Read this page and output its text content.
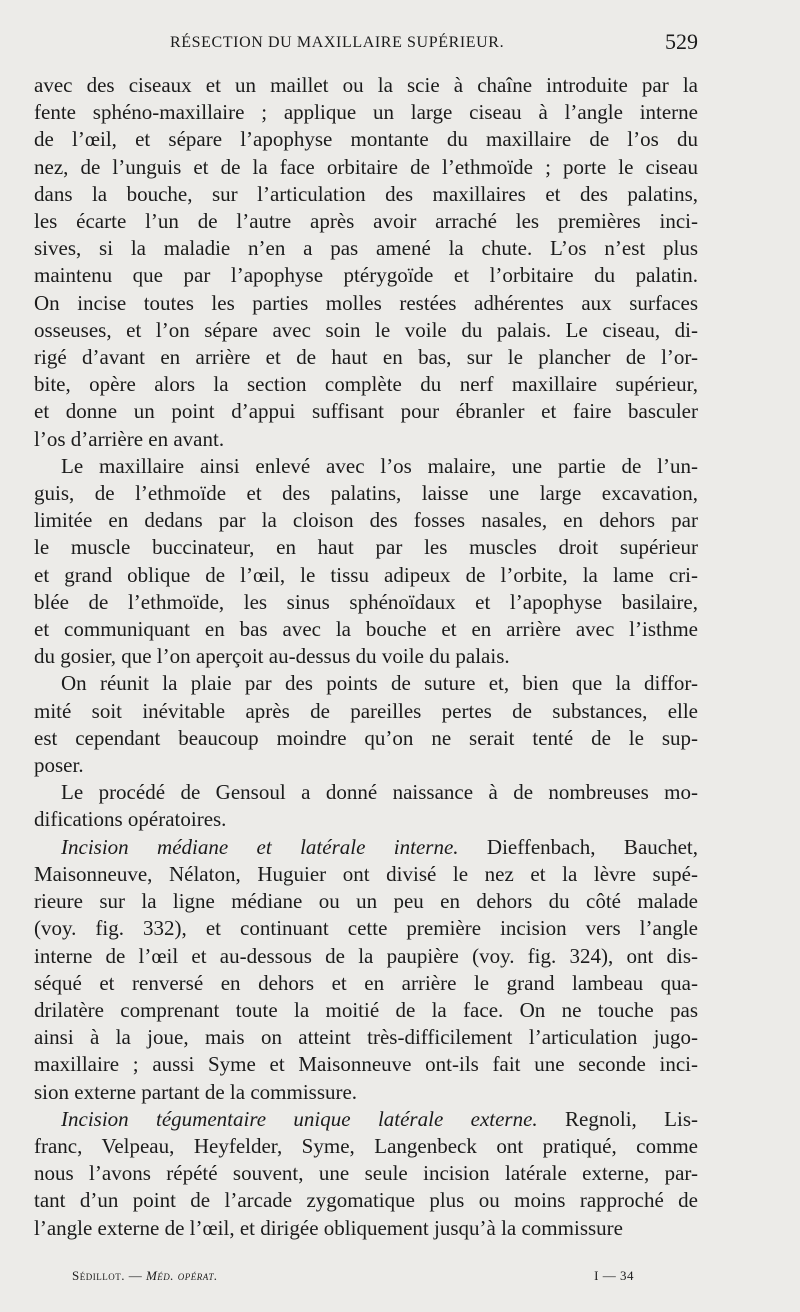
RÉSECTION DU MAXILLAIRE SUPÉRIEUR.	529
avec des ciseaux et un maillet ou la scie à chaîne introduite par la
fente sphéno-maxillaire ; applique un large ciseau à l’angle interne
de l’œil, et sépare l’apophyse montante du maxillaire de l’os du
nez, de l’unguis et de la face orbitaire de l’ethmoïde ; porte le ciseau
dans la bouche, sur l’articulation des maxillaires et des palatins,
les écarte l’un de l’autre après avoir arraché les premières inci-
sives, si la maladie n’en a pas amené la chute. L’os n’est plus
maintenu que par l’apophyse ptérygoïde et l’orbitaire du palatin.
On incise toutes les parties molles restées adhérentes aux surfaces
osseuses, et l’on sépare avec soin le voile du palais. Le ciseau, di-
rigé d’avant en arrière et de haut en bas, sur le plancher de l’or-
bite, opère alors la section complète du nerf maxillaire supérieur,
et donne un point d’appui suffisant pour ébranler et faire basculer
l’os d’arrière en avant.
Le maxillaire ainsi enlevé avec l’os malaire, une partie de l’un-
guis, de l’ethmoïde et des palatins, laisse une large excavation,
limitée en dedans par la cloison des fosses nasales, en dehors par
le muscle buccinateur, en haut par les muscles droit supérieur
et grand oblique de l’œil, le tissu adipeux de l’orbite, la lame cri-
blée de l’ethmoïde, les sinus sphénoïdaux et l’apophyse basilaire,
et communiquant en bas avec la bouche et en arrière avec l’isthme
du gosier, que l’on aperçoit au-dessus du voile du palais.
On réunit la plaie par des points de suture et, bien que la diffor-
mité soit inévitable après de pareilles pertes de substances, elle
est cependant beaucoup moindre qu’on ne serait tenté de le sup-
poser.
Le procédé de Gensoul a donné naissance à de nombreuses mo-
difications opératoires.
Incision médiane et latérale interne. Dieffenbach, Bauchet,
Maisonneuve, Nélaton, Huguier ont divisé le nez et la lèvre supé-
rieure sur la ligne médiane ou un peu en dehors du côté malade
(voy. fig. 332), et continuant cette première incision vers l’angle
interne de l’œil et au-dessous de la paupière (voy. fig. 324), ont dis-
séqué et renversé en dehors et en arrière le grand lambeau qua-
drilatère comprenant toute la moitié de la face. On ne touche pas
ainsi à la joue, mais on atteint très-difficilement l’articulation jugo-
maxillaire ; aussi Syme et Maisonneuve ont-ils fait une seconde inci-
sion externe partant de la commissure.
Incision tégumentaire unique latérale externe. Regnoli, Lis-
franc, Velpeau, Heyfelder, Syme, Langenbeck ont pratiqué, comme
nous l’avons répété souvent, une seule incision latérale externe, par-
tant d’un point de l’arcade zygomatique plus ou moins rapproché de
l’angle externe de l’œil, et dirigée obliquement jusqu’à la commissure
Sédillot. — Méd. opérat.	I — 34
